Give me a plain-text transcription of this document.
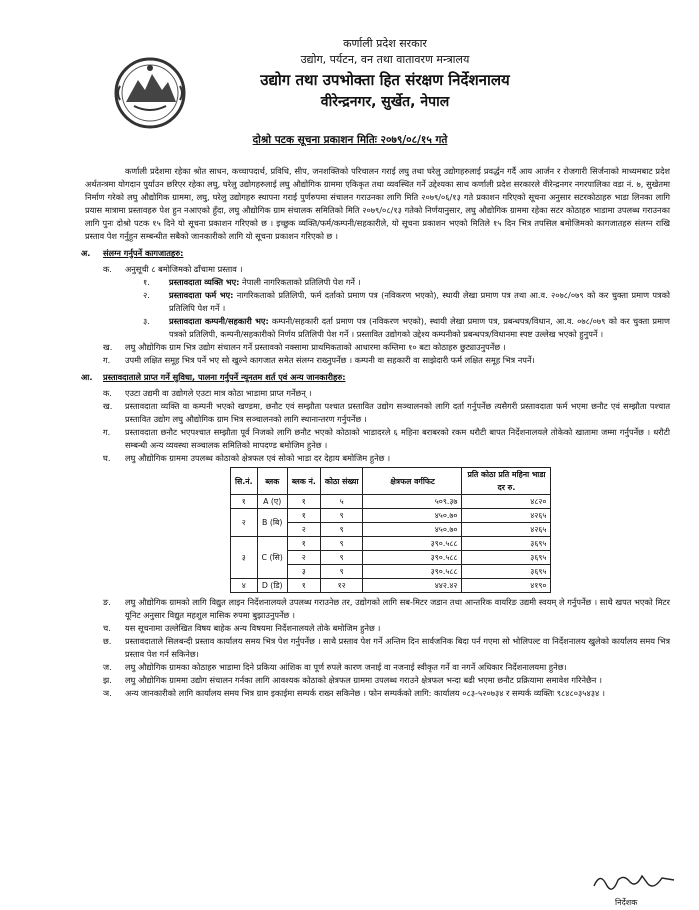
कर्णाली प्रदेश सरकार
उद्योग, पर्यटन, वन तथा वातावरण मन्त्रालय
उद्योग तथा उपभोक्ता हित संरक्षण निर्देशनालय
वीरेन्द्रनगर, सुर्खेत, नेपाल
दोश्रो पटक सूचना प्रकाशन मितिः २०७९/०८/१५ गते

कर्णाली प्रदेशमा रहेका श्रोत साधन, कच्चापदार्थ, प्रविधि, सीप, जनशक्तिको परिचालन गराई लघु तथा घरेलु उद्योगहरुलाई प्रवर्द्धन गर्दै आय आर्जन र रोजगारी सिर्जनाको माध्यमबाट प्रदेश अर्थतन्त्रमा योगदान पुर्याउन छरिएर रहेका लघु, घरेलु उद्योगहरुलाई लघु औद्योगिक ग्राममा एकिकृत तथा व्यवस्थित गर्ने उद्देश्यका साथ कर्णाली प्रदेश सरकारले वीरेन्द्रनगर नगरपालिका वडा नं. ७, सुखेतमा निर्माण गरेको लघु औद्योगिक ग्राममा, लघु, घरेलु उद्योगहरु स्थापना गराई पुर्णरुपमा संचालन गराउनका लागि मिति २०७९/०६/१३ गते प्रकाशन गरिएको सूचना अनुसार सटरकोठाहरु भाडा लिनका लागि प्रयास मात्रामा प्रस्तावहरु पेश हुन नआएको हुँदा, लघु औद्योगिक ग्राम संचालक समितिको मिति २०७९/०८/१३ गतेको निर्णयानुसार, लघु औद्योगिक ग्राममा रहेका सटर कोठाहरु भाडामा उपलब्ध गराउनका लागि पुनः दोश्रो पटक १५ दिने यो सूचना प्रकाशन गरिएको छ । इच्छुक व्यक्ति/फर्म/कम्पनी/सहकारीले, यो सूचना प्रकाशन भएको मितिले १५ दिन भित्र तपसिल बमोजिमको कागजातहरु संलग्न राखि प्रस्ताव पेश गर्नुहुन सम्बन्धीत सबैको जानकारीको लागि यो सूचना प्रकाशन गरिएको छ ।

अ. संलग्न गर्नुपर्ने कागजातहरु:
क.	अनुसूची ८ बमोजिमको ढाँचामा प्रस्ताव ।
१.	प्रस्तावदाता व्यक्ति भए: नेपाली नागरिकताको प्रतिलिपी पेश गर्ने ।
२.	प्रस्तावदाता फर्म भए: नागरिकताको प्रतिलिपी, फर्म दर्ताको प्रमाण पत्र (नविकरण भएको), स्थायी लेखा प्रमाण पत्र तथा आ.व. २०७८/०७९ को कर चुक्ता प्रमाण पत्रको प्रतिलिपि पेश गर्ने ।
३.	प्रस्तावदाता कम्पनी/सहकारी भए: कम्पनी/सहकारी दर्ता प्रमाण पत्र (नविकरण भएको), स्थायी लेखा प्रमाण पत्र, प्रबन्धपत्र/विधान, आ.व. ०७८/०७९ को कर चुक्ता प्रमाण पत्रको प्रतिलिपी, कम्पनी/सहकारीको निर्णय प्रतिलिपी पेश गर्ने । प्रस्तावित उद्योगको उद्देश्य कम्पनीको प्रबन्धपत्र/विधानमा स्पष्ट उल्लेख भएको हुनुपर्ने ।
ख.	लघु औद्योगिक ग्राम भित्र उद्योग संचालन गर्ने प्रस्तावको नक्सामा प्राथमिकताको आधारमा कम्तिमा १० बटा कोठाहरु छुट्याउनुपर्नेछ ।
ग.	उपमी लक्षित समूह भित्र पर्ने भए सो खुल्ने कागजात समेत संलग्न राख्नुपर्नेछ । कम्पनी वा सहकारी वा साझेदारी फर्म लक्षित समूह भित्र नपर्ने।
आ. प्रस्तावदाताले प्राप्त गर्ने सुविधा, पालना गर्नुपर्ने न्यूनतम शर्त एवं अन्य जानकारीहरु:
क.	एउटा उद्यमी वा उद्योगले एउटा मात्र कोठा भाडामा प्राप्त गर्नेछन् ।
ख.	प्रस्तावदाता व्यक्ति वा कम्पनी भएको खण्डमा, छनौट एवं सम्झौता पश्चात प्रस्तावित उद्योग सञ्चालनको लागि दर्ता गर्नुपर्नेछ त्यसैगरी प्रस्तावदाता फर्म भएमा छनौट एवं सम्झौता पश्चात प्रस्तावित उद्योग लघु औद्योगिक ग्राम भित्र सञ्चालनको लागि स्थानान्तरण गर्नुपर्नेछ ।
ग.	प्रस्तावदाता छनौट भएपश्चात सम्झौता पूर्व निजको लागि छनौट भएको कोठाको भाडादरले ६ महिना बराबरको रकम धरौटी बापत निर्देशनालयले तोकेको खातामा जम्मा गर्नुपर्नेछ । धरौटी सम्बन्धी अन्य व्यवस्था सञ्चालक समितिको मापदण्ड बमोजिम हुनेछ ।
घ.	लघु औद्योगिक ग्राममा उपलब्ध कोठाको क्षेत्रफल एवं सोको भाडा दर देहाय बमोजिम हुनेछ ।
सि.नं.	ब्लक	ब्लक नं.	कोठा संख्या	क्षेत्रफल वर्गफिट	प्रति कोठा प्रति महिना भाडा दर रु.
१	A (ए)	१	५	५०९.३७	४८२०
२	B (बि)	१	९	४५०.७०	४२६५
		२	९	४५०.७०	४२६५
३	C (सि)	१	९	३९०.५८८	३६९५
		२	९	३९०.५८८	३६९५
		३	९	३९०.५८८	३६९५
४	D (डि)	१	१२	४४२.४२	४१९०
ङ.	लघु औद्योगिक ग्रामको लागि विद्युत लाइन निर्देशनालयले उपलब्ध गराउनेछ तर, उद्योगको लागि सब-मिटर जडान तथा आन्तरिक वायरिङ उद्यमी स्वयम् ले गर्नुपर्नेछ । साथै खपत भएको मिटर यूनिट अनुसार विद्युत महशुल मासिक रुपमा बुझाउनुपर्नेछ ।
च.	यस सूचनामा उल्लेखित विषय बाहेक अन्य विषयमा निर्देशनालयले तोके बमोजिम हुनेछ ।
छ.	प्रस्तावदाताले सिलबन्दी प्रस्ताव कार्यालय समय भित्र पेश गर्नुपर्नेछ । साथै प्रस्ताव पेश गर्ने अन्तिम दिन सार्वजनिक बिदा पर्न गएमा सो भोलिपल्ट वा निर्देशनालय खुलेको कार्यालय समय भित्र प्रस्ताव पेश गर्न सकिनेछ।
ज.	लघु औद्योगिक ग्रामका कोठाहरु भाडामा दिने प्रकिया आंशिक वा पूर्ण रुपले कारण जनाई वा नजनाई स्वीकृत गर्ने वा नगर्ने अधिकार निर्देशनालयमा हुनेछ।
झ.	लघु औद्योगिक ग्राममा उद्योग संचालन गर्नका लागि आवश्यक कोठाको क्षेत्रफल ग्राममा उपलब्ध गराउने क्षेत्रफल भन्दा बढी भएमा छनौट प्रक्रियामा समावेश गरिनेछैन ।
ञ.	अन्य जानकारीको लागि कार्यालय समय भित्र ग्राम इकाईमा सम्पर्क राख्न सकिनेछ । फोन सम्पर्कको लागि: कार्यालय ०८३-५२०७३४ र सम्पर्क व्यक्तिः ९८४८०३५४३४ ।
निर्देशक
